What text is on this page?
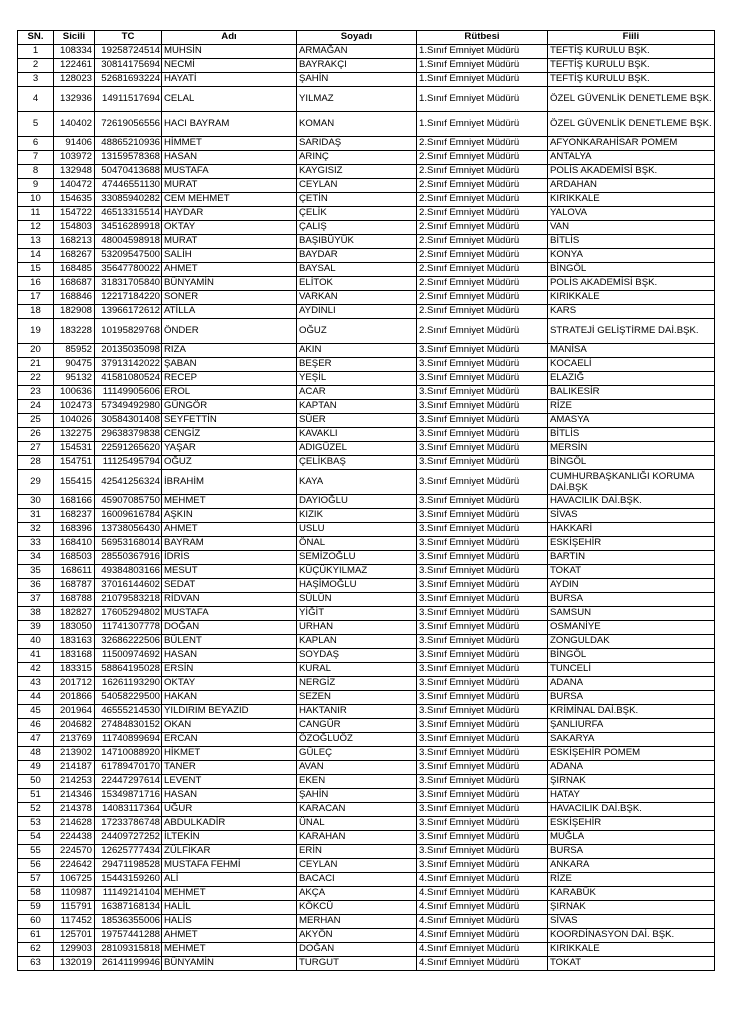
SN.	Sicili	TC	Adı	Soyadı	Rütbesi	Fiili
1	108334	19258724514	MUHSİN	ARMAĞAN	1.Sınıf Emniyet Müdürü	TEFTİŞ KURULU BŞK.
2	122461	30814175694	NECMİ	BAYRAKÇI	1.Sınıf Emniyet Müdürü	TEFTİŞ KURULU BŞK.
3	128023	52681693224	HAYATİ	ŞAHİN	1.Sınıf Emniyet Müdürü	TEFTİŞ KURULU BŞK.
4	132936	14911517694	CELAL	YILMAZ	1.Sınıf Emniyet Müdürü	ÖZEL GÜVENLİK DENETLEME BŞK.
5	140402	72619056556	HACI BAYRAM	KOMAN	1.Sınıf Emniyet Müdürü	ÖZEL GÜVENLİK DENETLEME BŞK.
6	91406	48865210936	HİMMET	SARIDAŞ	2.Sınıf Emniyet Müdürü	AFYONKARAHİSAR POMEM
7	103972	13159578368	HASAN	ARINÇ	2.Sınıf Emniyet Müdürü	ANTALYA
8	132948	50470413688	MUSTAFA	KAYGISIZ	2.Sınıf Emniyet Müdürü	POLİS AKADEMİSİ BŞK.
9	140472	47446551130	MURAT	CEYLAN	2.Sınıf Emniyet Müdürü	ARDAHAN
10	154635	33085940282	CEM MEHMET	ÇETİN	2.Sınıf Emniyet Müdürü	KIRIKKALE
11	154722	46513315514	HAYDAR	ÇELİK	2.Sınıf Emniyet Müdürü	YALOVA
12	154803	34516289918	OKTAY	ÇALIŞ	2.Sınıf Emniyet Müdürü	VAN
13	168213	48004598918	MURAT	BAŞIBÜYÜK	2.Sınıf Emniyet Müdürü	BİTLİS
14	168267	53209547500	SALİH	BAYDAR	2.Sınıf Emniyet Müdürü	KONYA
15	168485	35647780022	AHMET	BAYSAL	2.Sınıf Emniyet Müdürü	BİNGÖL
16	168687	31831705840	BÜNYAMİN	ELİTOK	2.Sınıf Emniyet Müdürü	POLİS AKADEMİSİ BŞK.
17	168846	12217184220	SONER	VARKAN	2.Sınıf Emniyet Müdürü	KIRIKKALE
18	182908	13966172612	ATİLLA	AYDINLI	2.Sınıf Emniyet Müdürü	KARS
19	183228	10195829768	ÖNDER	OĞUZ	2.Sınıf Emniyet Müdürü	STRATEJİ GELİŞTİRME DAİ.BŞK.
20	85952	20135035098	RIZA	AKIN	3.Sınıf Emniyet Müdürü	MANİSA
21	90475	37913142022	ŞABAN	BEŞER	3.Sınıf Emniyet Müdürü	KOCAELİ
22	95132	41581080524	RECEP	YEŞİL	3.Sınıf Emniyet Müdürü	ELAZIĞ
23	100636	11149905606	EROL	ACAR	3.Sınıf Emniyet Müdürü	BALIKESİR
24	102473	57349492980	GÜNGÖR	KAPTAN	3.Sınıf Emniyet Müdürü	RİZE
25	104026	30584301408	SEYFETTİN	SÜER	3.Sınıf Emniyet Müdürü	AMASYA
26	132275	29638379838	CENGİZ	KAVAKLI	3.Sınıf Emniyet Müdürü	BİTLİS
27	154531	22591265620	YAŞAR	ADIGÜZEL	3.Sınıf Emniyet Müdürü	MERSİN
28	154751	11125495794	OĞUZ	ÇELİKBAŞ	3.Sınıf Emniyet Müdürü	BİNGÖL
29	155415	42541256324	İBRAHİM	KAYA	3.Sınıf Emniyet Müdürü	CUMHURBAŞKANLIĞI KORUMA DAİ.BŞK
30	168166	45907085750	MEHMET	DAYIOĞLU	3.Sınıf Emniyet Müdürü	HAVACILIK DAİ.BŞK.
31	168237	16009616784	AŞKIN	KIZIK	3.Sınıf Emniyet Müdürü	SİVAS
32	168396	13738056430	AHMET	USLU	3.Sınıf Emniyet Müdürü	HAKKARİ
33	168410	56953168014	BAYRAM	ÖNAL	3.Sınıf Emniyet Müdürü	ESKİŞEHİR
34	168503	28550367916	İDRİS	SEMİZOĞLU	3.Sınıf Emniyet Müdürü	BARTIN
35	168611	49384803166	MESUT	KÜÇÜKYILMAZ	3.Sınıf Emniyet Müdürü	TOKAT
36	168787	37016144602	SEDAT	HAŞİMOĞLU	3.Sınıf Emniyet Müdürü	AYDIN
37	168788	21079583218	RİDVAN	SÜLÜN	3.Sınıf Emniyet Müdürü	BURSA
38	182827	17605294802	MUSTAFA	YİĞİT	3.Sınıf Emniyet Müdürü	SAMSUN
39	183050	11741307778	DOĞAN	URHAN	3.Sınıf Emniyet Müdürü	OSMANİYE
40	183163	32686222506	BÜLENT	KAPLAN	3.Sınıf Emniyet Müdürü	ZONGULDAK
41	183168	11500974692	HASAN	SOYDAŞ	3.Sınıf Emniyet Müdürü	BİNGÖL
42	183315	58864195028	ERSİN	KURAL	3.Sınıf Emniyet Müdürü	TUNCELİ
43	201712	16261193290	OKTAY	NERGİZ	3.Sınıf Emniyet Müdürü	ADANA
44	201866	54058229500	HAKAN	SEZEN	3.Sınıf Emniyet Müdürü	BURSA
45	201964	46555214530	YILDIRIM BEYAZID	HAKTANIR	3.Sınıf Emniyet Müdürü	KRİMİNAL DAİ.BŞK.
46	204682	27484830152	OKAN	CANGÜR	3.Sınıf Emniyet Müdürü	ŞANLIURFA
47	213769	11740899694	ERCAN	ÖZOĞLUÖZ	3.Sınıf Emniyet Müdürü	SAKARYA
48	213902	14710088920	HİKMET	GÜLEÇ	3.Sınıf Emniyet Müdürü	ESKİŞEHİR POMEM
49	214187	61789470170	TANER	AVAN	3.Sınıf Emniyet Müdürü	ADANA
50	214253	22447297614	LEVENT	EKEN	3.Sınıf Emniyet Müdürü	ŞIRNAK
51	214346	15349871716	HASAN	ŞAHİN	3.Sınıf Emniyet Müdürü	HATAY
52	214378	14083117364	UĞUR	KARACAN	3.Sınıf Emniyet Müdürü	HAVACILIK DAİ.BŞK.
53	214628	17233786748	ABDULKADİR	ÜNAL	3.Sınıf Emniyet Müdürü	ESKİŞEHİR
54	224438	24409727252	İLTEKİN	KARAHAN	3.Sınıf Emniyet Müdürü	MUĞLA
55	224570	12625777434	ZÜLFİKAR	ERİN	3.Sınıf Emniyet Müdürü	BURSA
56	224642	29471198528	MUSTAFA FEHMİ	CEYLAN	3.Sınıf Emniyet Müdürü	ANKARA
57	106725	15443159260	ALİ	BACACI	4.Sınıf Emniyet Müdürü	RİZE
58	110987	11149214104	MEHMET	AKÇA	4.Sınıf Emniyet Müdürü	KARABÜK
59	115791	16387168134	HALİL	KÖKCÜ	4.Sınıf Emniyet Müdürü	ŞIRNAK
60	117452	18536355006	HALİS	MERHAN	4.Sınıf Emniyet Müdürü	SİVAS
61	125701	19757441288	AHMET	AKYÖN	4.Sınıf Emniyet Müdürü	KOORDİNASYON DAİ. BŞK.
62	129903	28109315818	MEHMET	DOĞAN	4.Sınıf Emniyet Müdürü	KIRIKKALE
63	132019	26141199946	BÜNYAMİN	TURGUT	4.Sınıf Emniyet Müdürü	TOKAT
